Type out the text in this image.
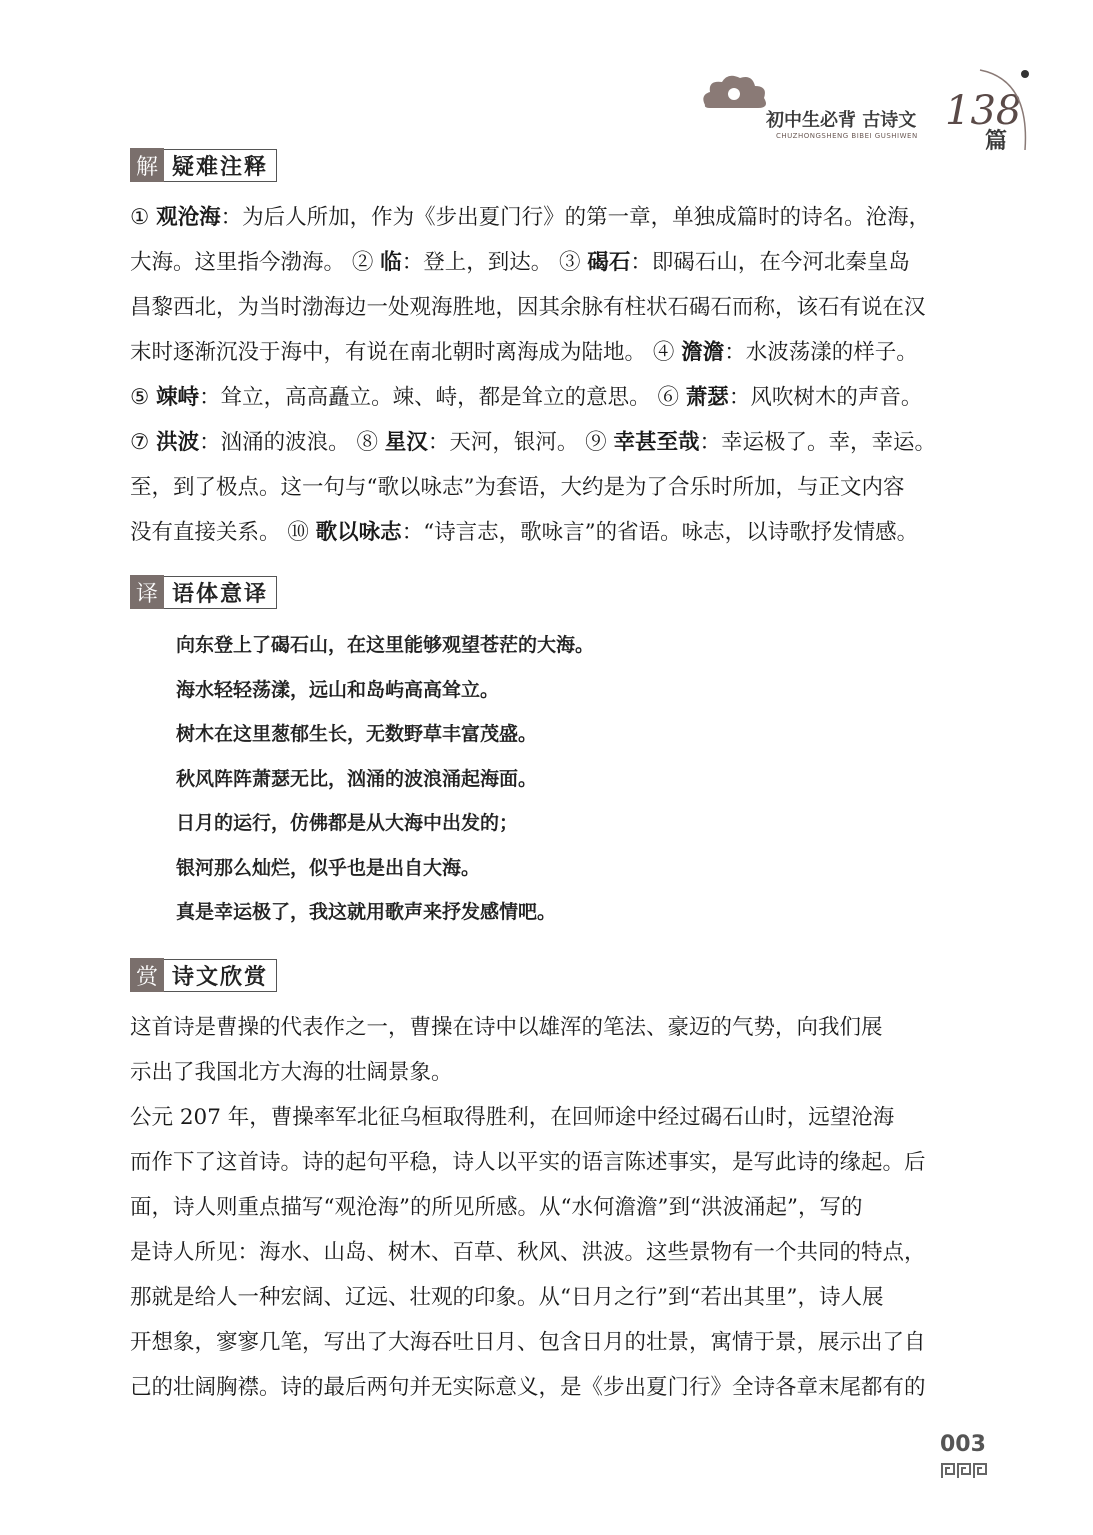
初中生必背 古诗文
CHUZHONGSHENG BIBEI GUSHIWEN
138
篇
解 疑难注释
① 观沧海：为后人所加，作为《步出夏门行》的第一章，单独成篇时的诗名。沧海，
大海。这里指今渤海。 ② 临：登上，到达。 ③ 碣石：即碣石山，在今河北秦皇岛
昌黎西北，为当时渤海边一处观海胜地，因其余脉有柱状石碣石而称，该石有说在汉
末时逐渐沉没于海中，有说在南北朝时离海成为陆地。 ④ 澹澹：水波荡漾的样子。
⑤ 竦峙：耸立，高高矗立。竦、峙，都是耸立的意思。 ⑥ 萧瑟：风吹树木的声音。
⑦ 洪波：汹涌的波浪。 ⑧ 星汉：天河，银河。 ⑨ 幸甚至哉：幸运极了。幸，幸运。
至，到了极点。这一句与“歌以咏志”为套语，大约是为了合乐时所加，与正文内容
没有直接关系。 ⑩ 歌以咏志：“诗言志，歌咏言”的省语。咏志，以诗歌抒发情感。
译 语体意译
向东登上了碣石山，在这里能够观望苍茫的大海。
海水轻轻荡漾，远山和岛屿高高耸立。
树木在这里葱郁生长，无数野草丰富茂盛。
秋风阵阵萧瑟无比，汹涌的波浪涌起海面。
日月的运行，仿佛都是从大海中出发的；
银河那么灿烂，似乎也是出自大海。
真是幸运极了，我这就用歌声来抒发感情吧。
赏 诗文欣赏
这首诗是曹操的代表作之一，曹操在诗中以雄浑的笔法、豪迈的气势，向我们展
示出了我国北方大海的壮阔景象。
公元 207 年，曹操率军北征乌桓取得胜利，在回师途中经过碣石山时，远望沧海
而作下了这首诗。诗的起句平稳，诗人以平实的语言陈述事实，是写此诗的缘起。后
面，诗人则重点描写“观沧海”的所见所感。从“水何澹澹”到“洪波涌起”，写的
是诗人所见：海水、山岛、树木、百草、秋风、洪波。这些景物有一个共同的特点，
那就是给人一种宏阔、辽远、壮观的印象。从“日月之行”到“若出其里”，诗人展
开想象，寥寥几笔，写出了大海吞吐日月、包含日月的壮景，寓情于景，展示出了自
己的壮阔胸襟。诗的最后两句并无实际意义，是《步出夏门行》全诗各章末尾都有的
003
